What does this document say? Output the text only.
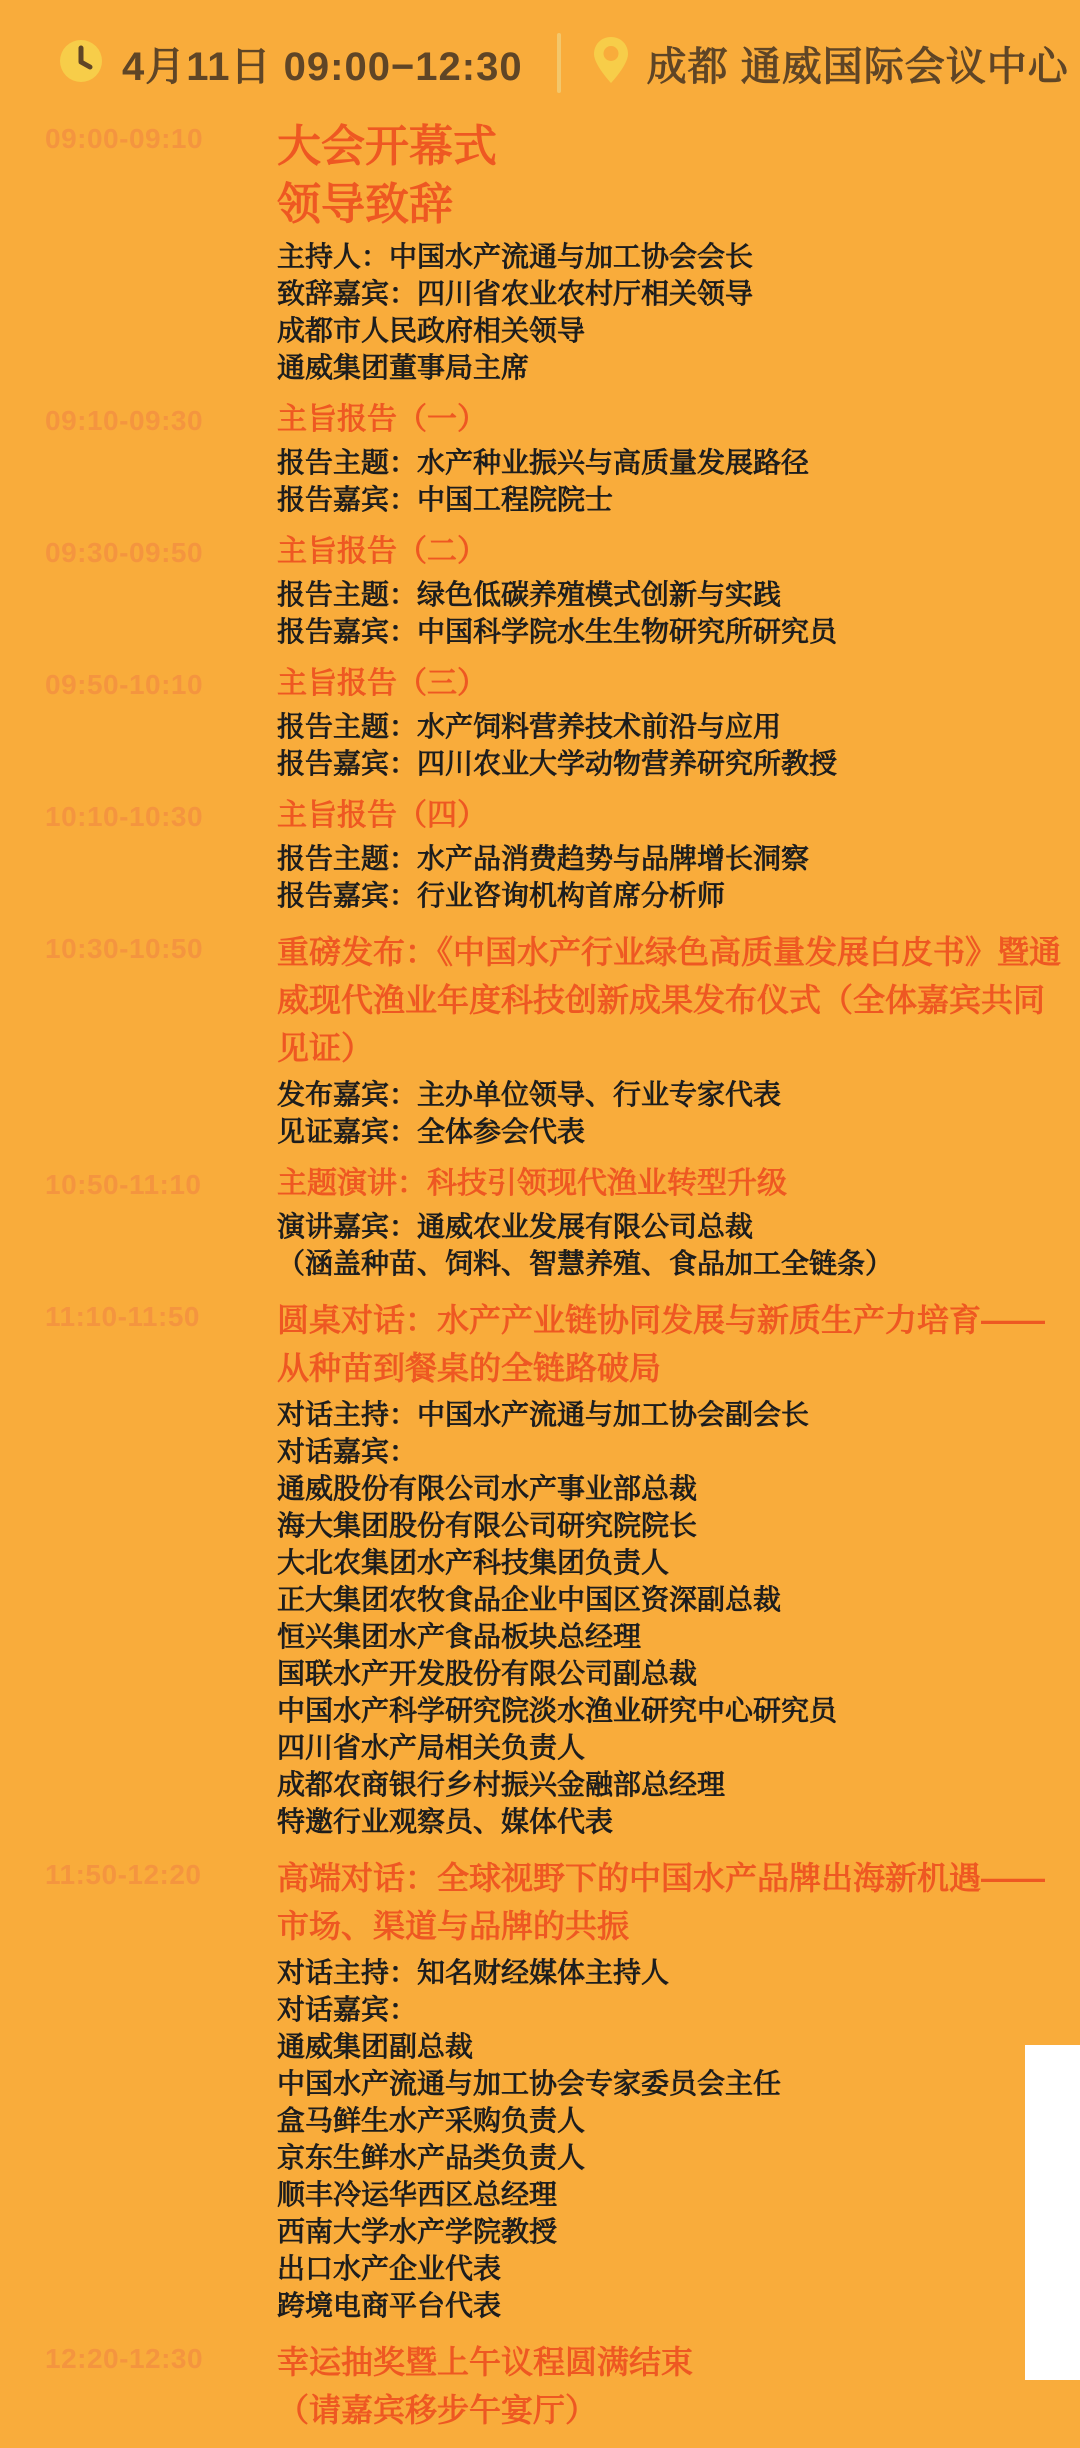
4月11日 09:00−12:30	成都 通威国际会议中心
09:00-09:10	大会开幕式
领导致辞
主持人：中国水产流通与加工协会会长
致辞嘉宾：四川省农业农村厅相关领导
成都市人民政府相关领导
通威集团董事局主席
09:10-09:30	主旨报告（一）
报告主题：水产种业振兴与高质量发展路径
报告嘉宾：中国工程院院士
09:30-09:50	主旨报告（二）
报告主题：绿色低碳养殖模式创新与实践
报告嘉宾：中国科学院水生生物研究所研究员
09:50-10:10	主旨报告（三）
报告主题：水产饲料营养技术前沿与应用
报告嘉宾：四川农业大学动物营养研究所教授
10:10-10:30	主旨报告（四）
报告主题：水产品消费趋势与品牌增长洞察
报告嘉宾：行业咨询机构首席分析师
10:30-10:50	重磅发布：《中国水产行业绿色高质量发展白皮书》暨通威现代渔业年度科技创新成果发布仪式（全体嘉宾共同见证）
发布嘉宾：主办单位领导、行业专家代表
见证嘉宾：全体参会代表
10:50-11:10	主题演讲：科技引领现代渔业转型升级
演讲嘉宾：通威农业发展有限公司总裁
（涵盖种苗、饲料、智慧养殖、食品加工全链条）
11:10-11:50	圆桌对话：水产产业链协同发展与新质生产力培育——从种苗到餐桌的全链路破局
对话主持：中国水产流通与加工协会副会长
对话嘉宾：
通威股份有限公司水产事业部总裁
海大集团股份有限公司研究院院长
大北农集团水产科技集团负责人
正大集团农牧食品企业中国区资深副总裁
恒兴集团水产食品板块总经理
国联水产开发股份有限公司副总裁
中国水产科学研究院淡水渔业研究中心研究员
四川省水产局相关负责人
成都农商银行乡村振兴金融部总经理
特邀行业观察员、媒体代表
11:50-12:20	高端对话：全球视野下的中国水产品牌出海新机遇——市场、渠道与品牌的共振
对话主持：知名财经媒体主持人
对话嘉宾：
通威集团副总裁
中国水产流通与加工协会专家委员会主任
盒马鲜生水产采购负责人
京东生鲜水产品类负责人
顺丰冷运华西区总经理
西南大学水产学院教授
出口水产企业代表
跨境电商平台代表
12:20-12:30	幸运抽奖暨上午议程圆满结束
（请嘉宾移步午宴厅）
